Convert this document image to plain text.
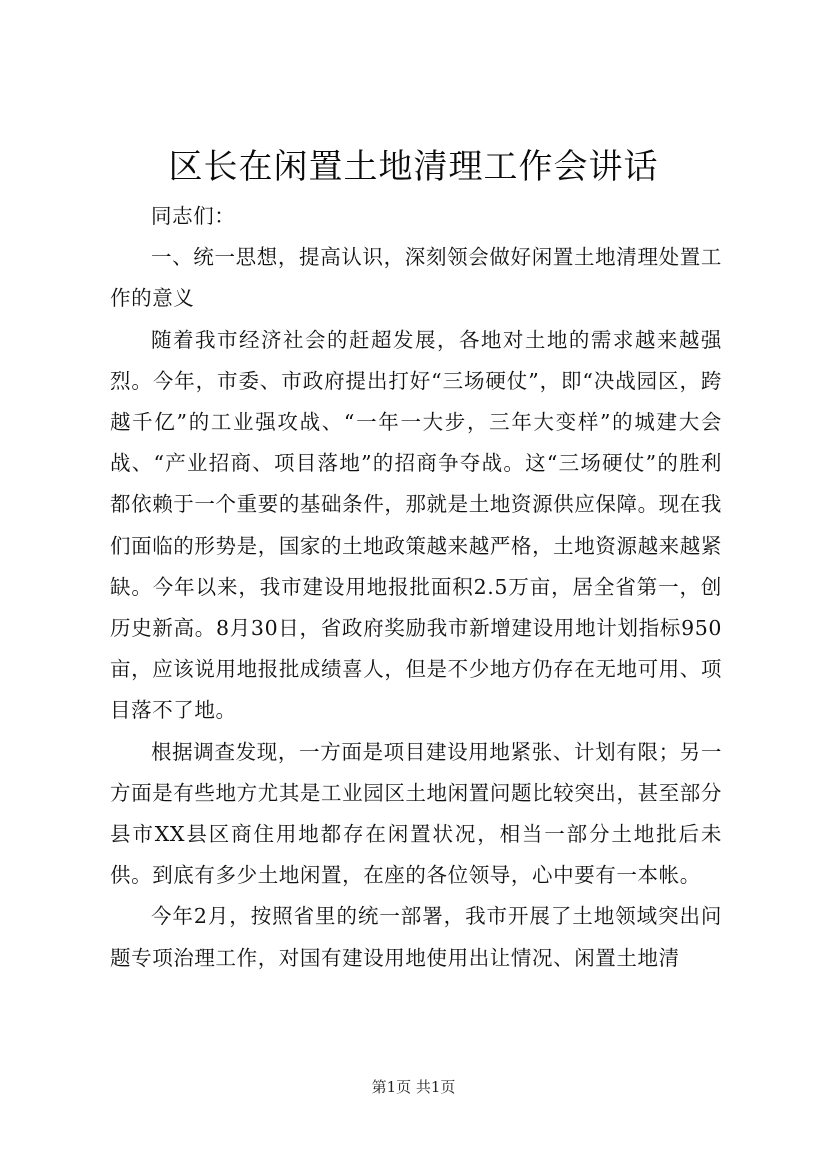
区长在闲置土地清理工作会讲话

同志们：

一、统一思想，提高认识，深刻领会做好闲置土地清理处置工作的意义

随着我市经济社会的赶超发展，各地对土地的需求越来越强烈。今年，市委、市政府提出打好“三场硬仗”，即“决战园区，跨越千亿”的工业强攻战、“一年一大步，三年大变样”的城建大会战、“产业招商、项目落地”的招商争夺战。这“三场硬仗”的胜利都依赖于一个重要的基础条件，那就是土地资源供应保障。现在我们面临的形势是，国家的土地政策越来越严格，土地资源越来越紧缺。今年以来，我市建设用地报批面积2.5万亩，居全省第一，创历史新高。8月30日，省政府奖励我市新增建设用地计划指标950亩，应该说用地报批成绩喜人，但是不少地方仍存在无地可用、项目落不了地。

根据调查发现，一方面是项目建设用地紧张、计划有限；另一方面是有些地方尤其是工业园区土地闲置问题比较突出，甚至部分县市XX县区商住用地都存在闲置状况，相当一部分土地批后未供。到底有多少土地闲置，在座的各位领导，心中要有一本帐。

今年2月，按照省里的统一部署，我市开展了土地领域突出问题专项治理工作，对国有建设用地使用出让情况、闲置土地清

第1页 共1页
